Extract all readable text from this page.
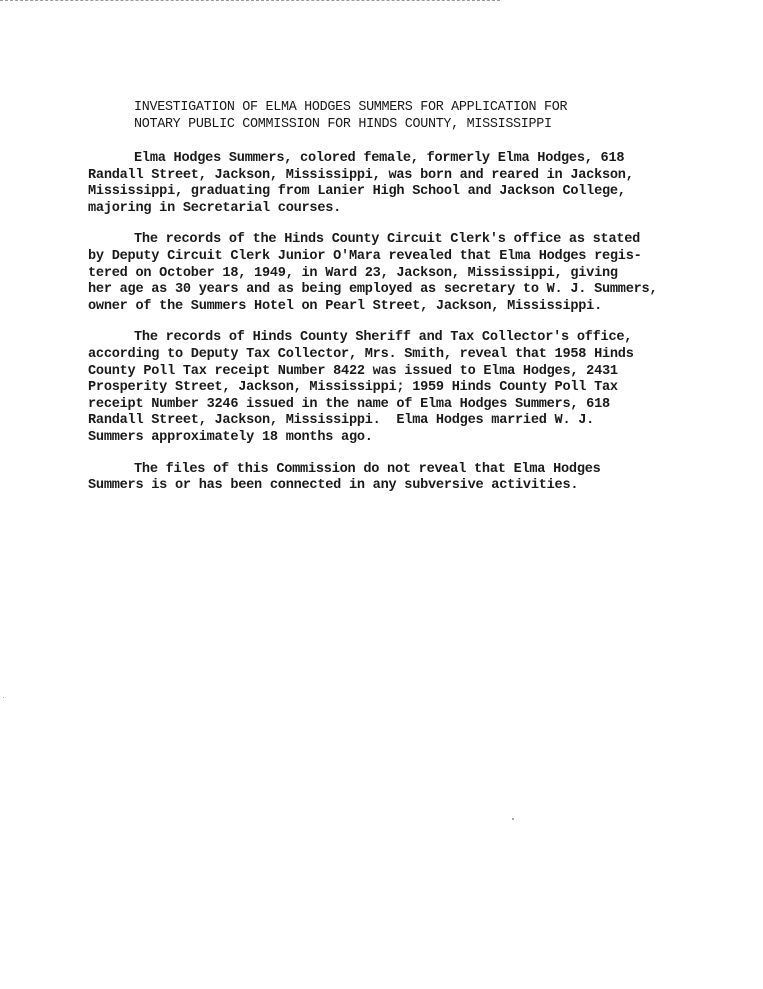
INVESTIGATION OF ELMA HODGES SUMMERS FOR APPLICATION FOR
NOTARY PUBLIC COMMISSION FOR HINDS COUNTY, MISSISSIPPI
Elma Hodges Summers, colored female, formerly Elma Hodges, 618
Randall Street, Jackson, Mississippi, was born and reared in Jackson,
Mississippi, graduating from Lanier High School and Jackson College,
majoring in Secretarial courses.
The records of the Hinds County Circuit Clerk's office as stated
by Deputy Circuit Clerk Junior O'Mara revealed that Elma Hodges regis-
tered on October 18, 1949, in Ward 23, Jackson, Mississippi, giving
her age as 30 years and as being employed as secretary to W. J. Summers,
owner of the Summers Hotel on Pearl Street, Jackson, Mississippi.
The records of Hinds County Sheriff and Tax Collector's office,
according to Deputy Tax Collector, Mrs. Smith, reveal that 1958 Hinds
County Poll Tax receipt Number 8422 was issued to Elma Hodges, 2431
Prosperity Street, Jackson, Mississippi; 1959 Hinds County Poll Tax
receipt Number 3246 issued in the name of Elma Hodges Summers, 618
Randall Street, Jackson, Mississippi.  Elma Hodges married W. J.
Summers approximately 18 months ago.
The files of this Commission do not reveal that Elma Hodges
Summers is or has been connected in any subversive activities.
